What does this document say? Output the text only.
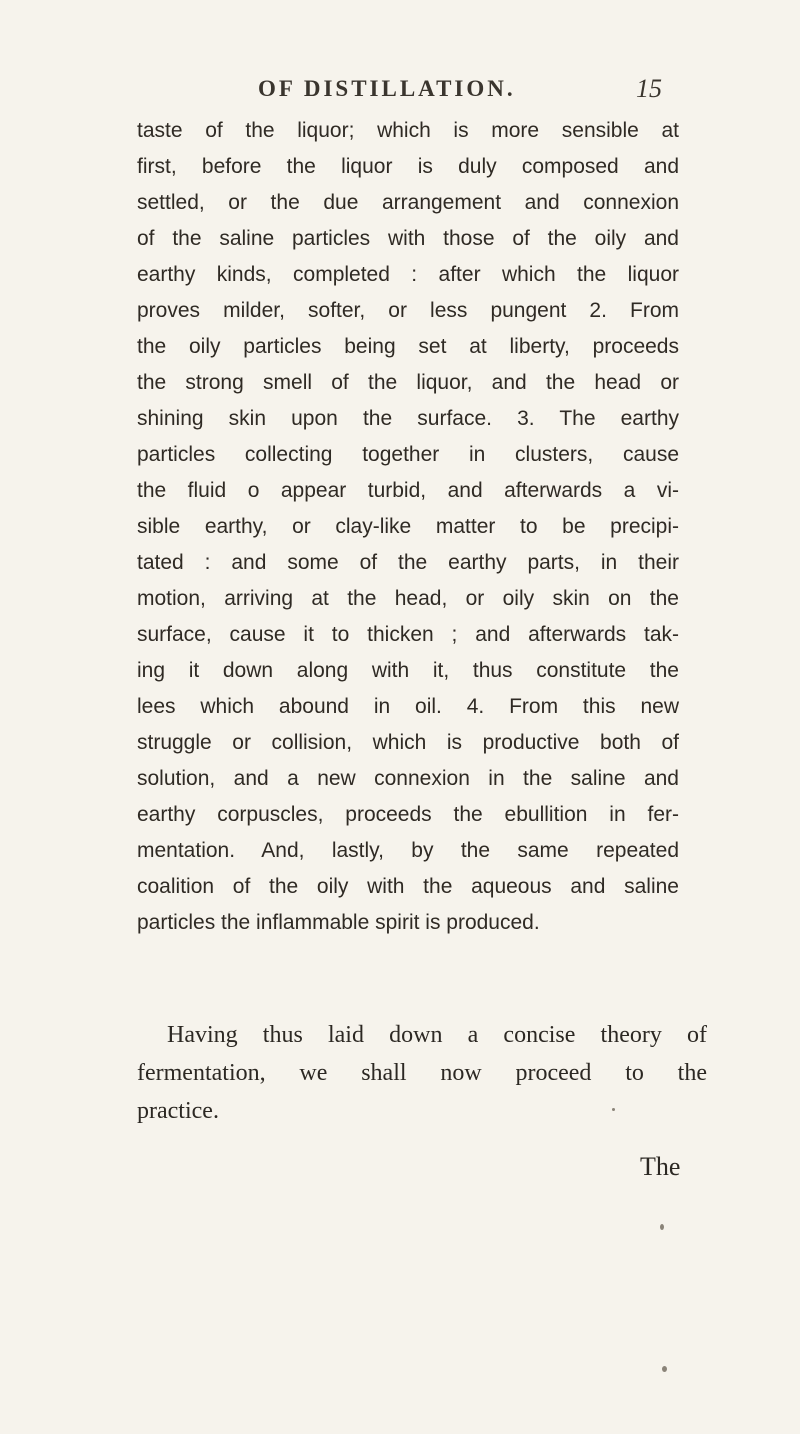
OF DISTILLATION.	15
taste of the liquor; which is more sensible at
first, before the liquor is duly composed and
settled, or the due arrangement and connexion
of the saline particles with those of the oily and
earthy kinds, completed : after which the liquor
proves milder, softer, or less pungent 2. From
the oily particles being set at liberty, proceeds
the strong smell of the liquor, and the head or
shining skin upon the surface. 3. The earthy
particles collecting together in clusters, cause
the fluid o appear turbid, and afterwards a vi-
sible earthy, or clay-like matter to be precipi-
tated : and some of the earthy parts, in their
motion, arriving at the head, or oily skin on the
surface, cause it to thicken ; and afterwards tak-
ing it down along with it, thus constitute the
lees which abound in oil. 4. From this new
struggle or collision, which is productive both of
solution, and a new connexion in the saline and
earthy corpuscles, proceeds the ebullition in fer-
mentation. And, lastly, by the same repeated
coalition of the oily with the aqueous and saline
particles the inflammable spirit is produced.
Having thus laid down a concise theory of
fermentation, we shall now proceed to the
practice.
The
